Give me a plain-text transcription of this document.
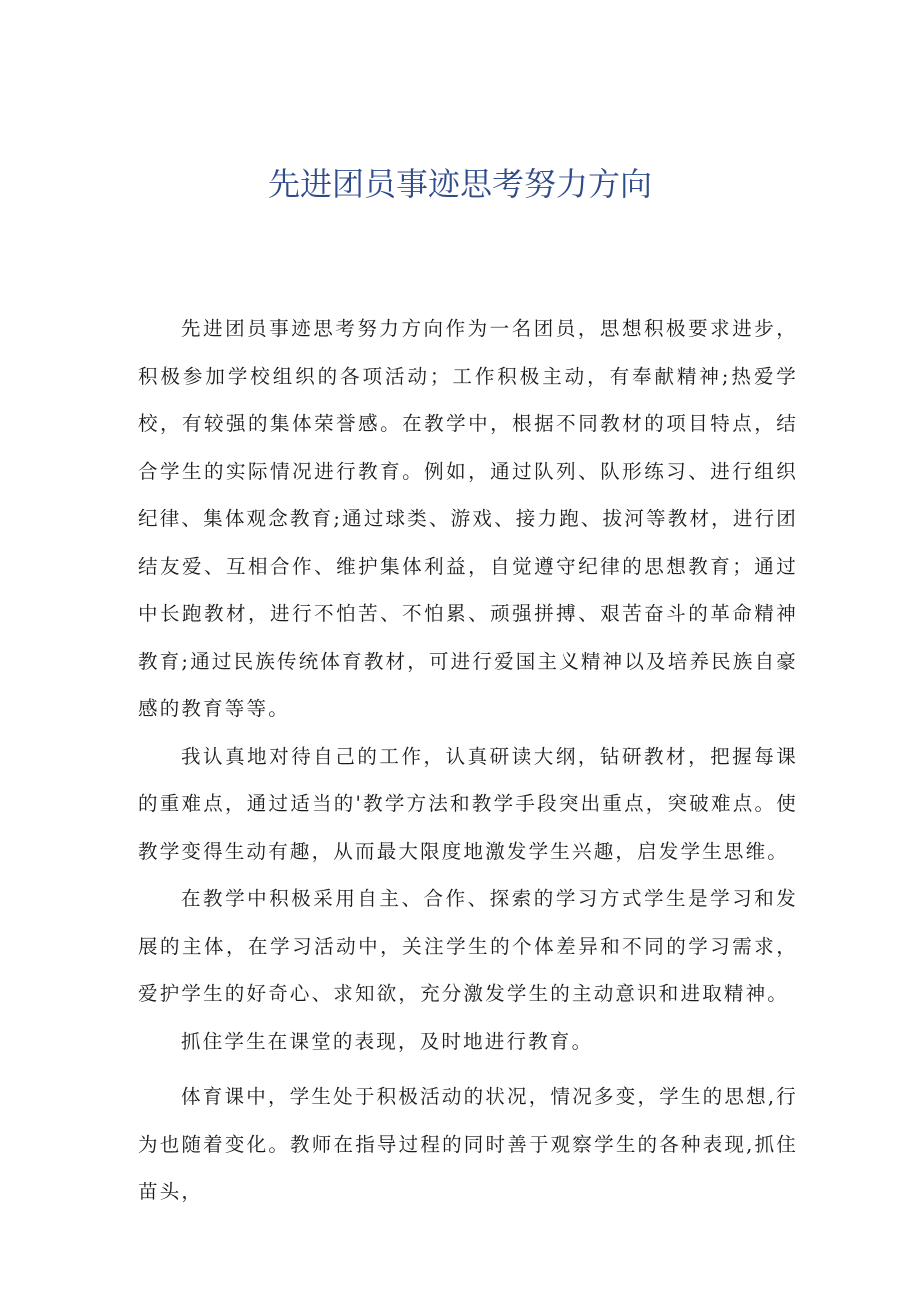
先进团员事迹思考努力方向

先进团员事迹思考努力方向作为一名团员，思想积极要求进步，积极参加学校组织的各项活动；工作积极主动，有奉献精神;热爱学校，有较强的集体荣誉感。在教学中，根据不同教材的项目特点，结合学生的实际情况进行教育。例如，通过队列、队形练习、进行组织纪律、集体观念教育;通过球类、游戏、接力跑、拔河等教材，进行团结友爱、互相合作、维护集体利益，自觉遵守纪律的思想教育；通过中长跑教材，进行不怕苦、不怕累、顽强拼搏、艰苦奋斗的革命精神教育;通过民族传统体育教材，可进行爱国主义精神以及培养民族自豪感的教育等等。

我认真地对待自己的工作，认真研读大纲，钻研教材，把握每课的重难点，通过适当的'教学方法和教学手段突出重点，突破难点。使教学变得生动有趣，从而最大限度地激发学生兴趣，启发学生思维。

在教学中积极采用自主、合作、探索的学习方式学生是学习和发展的主体，在学习活动中，关注学生的个体差异和不同的学习需求，爱护学生的好奇心、求知欲，充分激发学生的主动意识和进取精神。

抓住学生在课堂的表现，及时地进行教育。

体育课中，学生处于积极活动的状况，情况多变，学生的思想,行为也随着变化。教师在指导过程的同时善于观察学生的各种表现,抓住苗头，
